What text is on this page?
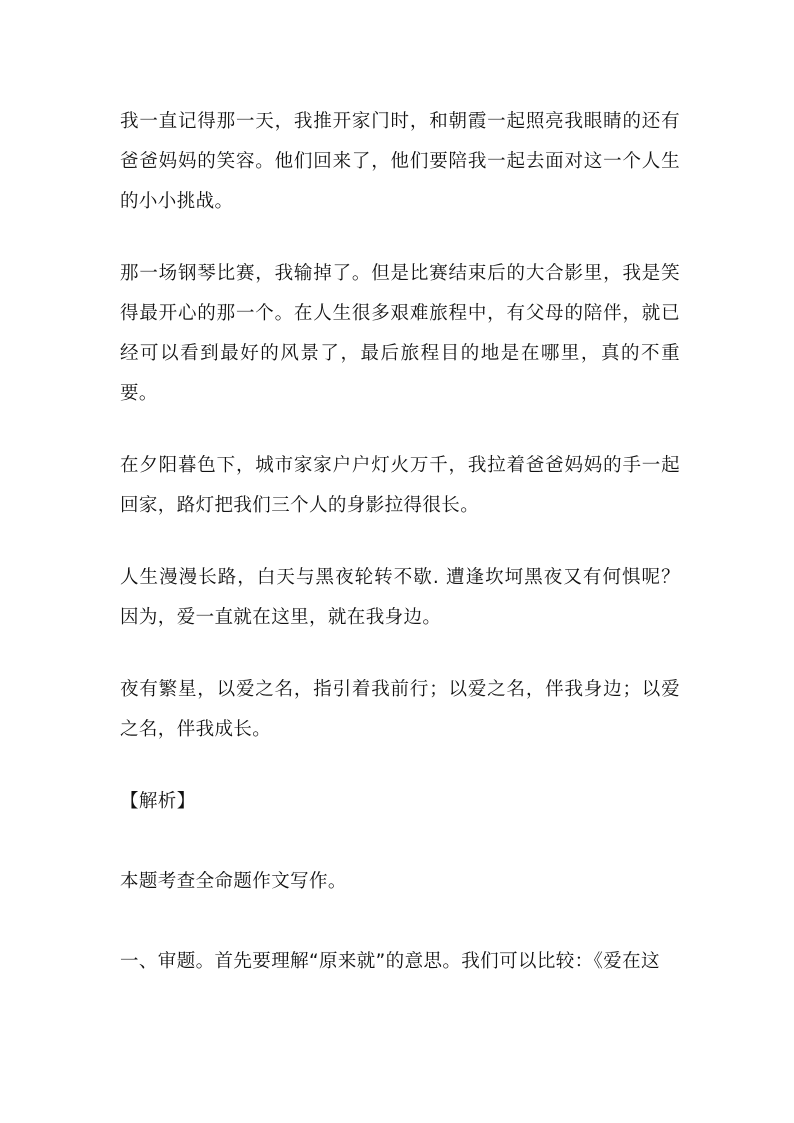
我一直记得那一天，我推开家门时，和朝霞一起照亮我眼睛的还有爸爸妈妈的笑容。他们回来了，他们要陪我一起去面对这一个人生的小小挑战。

那一场钢琴比赛，我输掉了。但是比赛结束后的大合影里，我是笑得最开心的那一个。在人生很多艰难旅程中，有父母的陪伴，就已经可以看到最好的风景了，最后旅程目的地是在哪里，真的不重要。

在夕阳暮色下，城市家家户户灯火万千，我拉着爸爸妈妈的手一起回家，路灯把我们三个人的身影拉得很长。

人生漫漫长路，白天与黑夜轮转不歇. 遭逢坎坷黑夜又有何惧呢？因为，爱一直就在这里，就在我身边。

夜有繁星，以爱之名，指引着我前行；以爱之名，伴我身边；以爱之名，伴我成长。

【解析】

本题考查全命题作文写作。

一、审题。首先要理解“原来就”的意思。我们可以比较：《爱在这
